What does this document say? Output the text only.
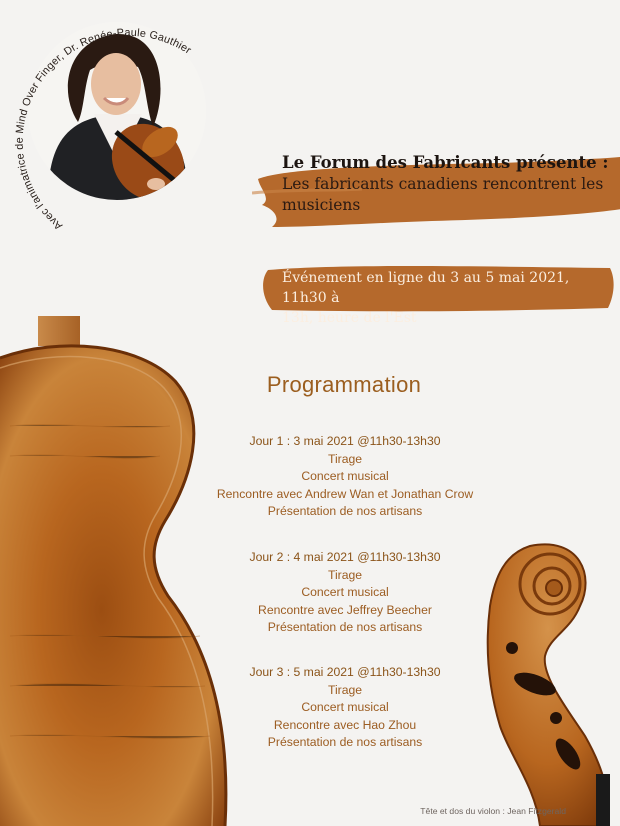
Avec l'animatrice de Mind Over Finger, Dr. Renée-Paule Gauthier

Le Forum des Fabricants présente :

Les fabricants canadiens rencontrent les

musiciens

Événement en ligne du 3 au 5 mai 2021, 11h30 à
13h, heure de l'Est

Programmation
Jour 1 : 3 mai 2021 @11h30-13h30
Tirage
Concert musical
Rencontre avec Andrew Wan et Jonathan Crow
Présentation de nos artisans
Jour 2 : 4 mai 2021 @11h30-13h30
Tirage
Concert musical
Rencontre avec Jeffrey Beecher
Présentation de nos artisans
Jour 3 : 5 mai 2021 @11h30-13h30
Tirage
Concert musical
Rencontre avec Hao Zhou
Présentation de nos artisans
Tête et dos du violon : Jean Fitzgerald
